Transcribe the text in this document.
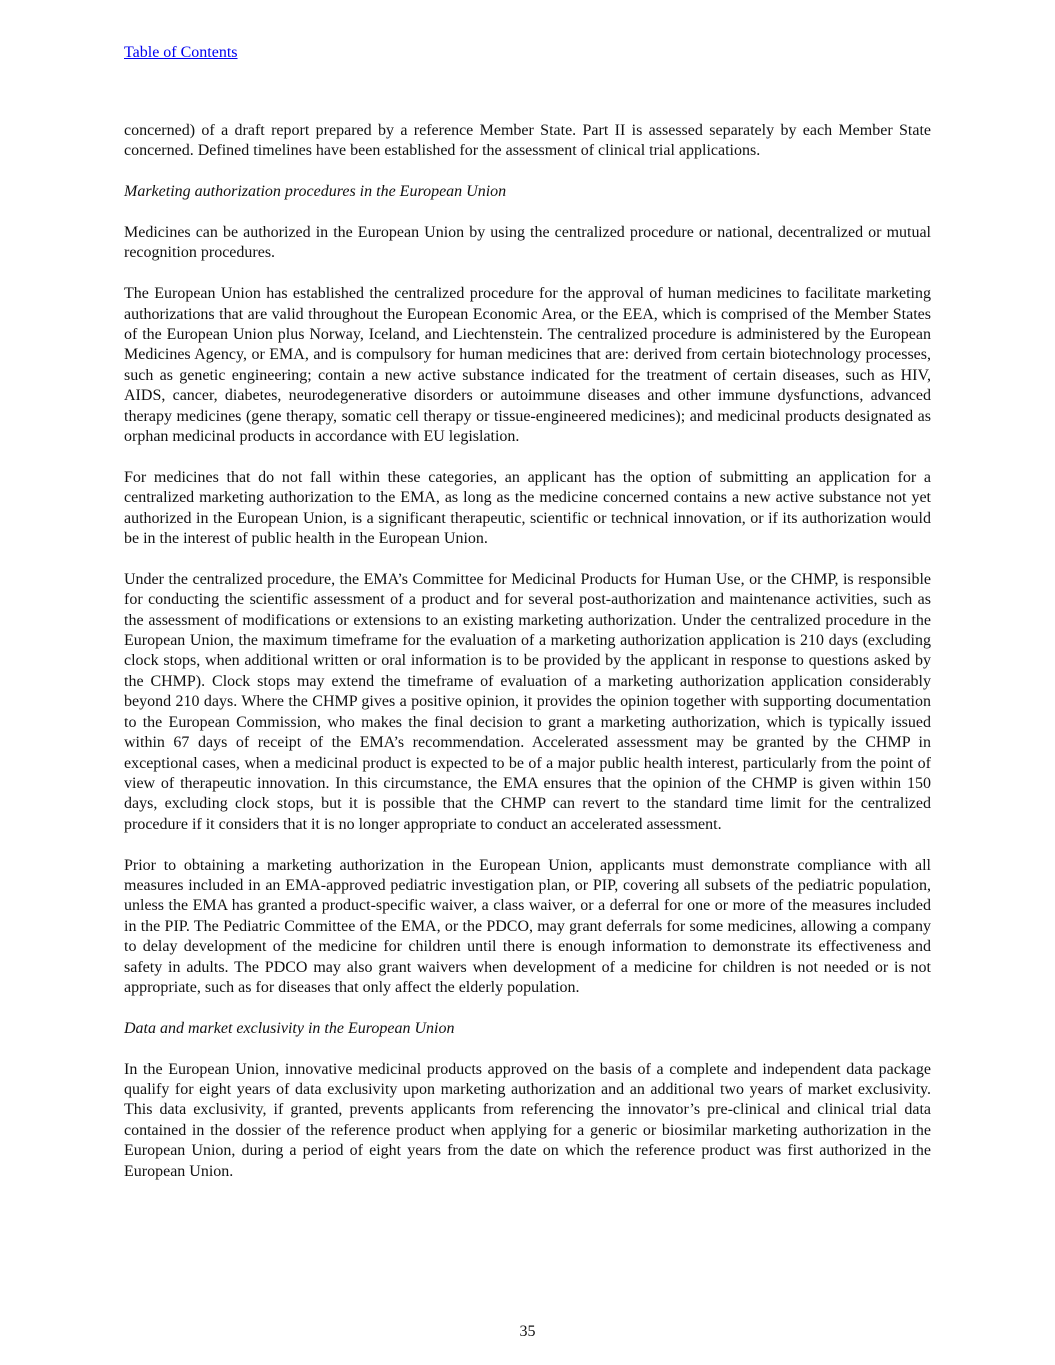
Table of Contents

concerned) of a draft report prepared by a reference Member State. Part II is assessed separately by each Member State concerned. Defined timelines have been established for the assessment of clinical trial applications.

Marketing authorization procedures in the European Union

Medicines can be authorized in the European Union by using the centralized procedure or national, decentralized or mutual recognition procedures.

The European Union has established the centralized procedure for the approval of human medicines to facilitate marketing authorizations that are valid throughout the European Economic Area, or the EEA, which is comprised of the Member States of the European Union plus Norway, Iceland, and Liechtenstein. The centralized procedure is administered by the European Medicines Agency, or EMA, and is compulsory for human medicines that are: derived from certain biotechnology processes, such as genetic engineering; contain a new active substance indicated for the treatment of certain diseases, such as HIV, AIDS, cancer, diabetes, neurodegenerative disorders or autoimmune diseases and other immune dysfunctions, advanced therapy medicines (gene therapy, somatic cell therapy or tissue-engineered medicines); and medicinal products designated as orphan medicinal products in accordance with EU legislation.

For medicines that do not fall within these categories, an applicant has the option of submitting an application for a centralized marketing authorization to the EMA, as long as the medicine concerned contains a new active substance not yet authorized in the European Union, is a significant therapeutic, scientific or technical innovation, or if its authorization would be in the interest of public health in the European Union.

Under the centralized procedure, the EMA’s Committee for Medicinal Products for Human Use, or the CHMP, is responsible for conducting the scientific assessment of a product and for several post-authorization and maintenance activities, such as the assessment of modifications or extensions to an existing marketing authorization. Under the centralized procedure in the European Union, the maximum timeframe for the evaluation of a marketing authorization application is 210 days (excluding clock stops, when additional written or oral information is to be provided by the applicant in response to questions asked by the CHMP). Clock stops may extend the timeframe of evaluation of a marketing authorization application considerably beyond 210 days. Where the CHMP gives a positive opinion, it provides the opinion together with supporting documentation to the European Commission, who makes the final decision to grant a marketing authorization, which is typically issued within 67 days of receipt of the EMA’s recommendation. Accelerated assessment may be granted by the CHMP in exceptional cases, when a medicinal product is expected to be of a major public health interest, particularly from the point of view of therapeutic innovation. In this circumstance, the EMA ensures that the opinion of the CHMP is given within 150 days, excluding clock stops, but it is possible that the CHMP can revert to the standard time limit for the centralized procedure if it considers that it is no longer appropriate to conduct an accelerated assessment.

Prior to obtaining a marketing authorization in the European Union, applicants must demonstrate compliance with all measures included in an EMA-approved pediatric investigation plan, or PIP, covering all subsets of the pediatric population, unless the EMA has granted a product-specific waiver, a class waiver, or a deferral for one or more of the measures included in the PIP. The Pediatric Committee of the EMA, or the PDCO, may grant deferrals for some medicines, allowing a company to delay development of the medicine for children until there is enough information to demonstrate its effectiveness and safety in adults. The PDCO may also grant waivers when development of a medicine for children is not needed or is not appropriate, such as for diseases that only affect the elderly population.

Data and market exclusivity in the European Union

In the European Union, innovative medicinal products approved on the basis of a complete and independent data package qualify for eight years of data exclusivity upon marketing authorization and an additional two years of market exclusivity. This data exclusivity, if granted, prevents applicants from referencing the innovator’s pre-clinical and clinical trial data contained in the dossier of the reference product when applying for a generic or biosimilar marketing authorization in the European Union, during a period of eight years from the date on which the reference product was first authorized in the European Union.

35
